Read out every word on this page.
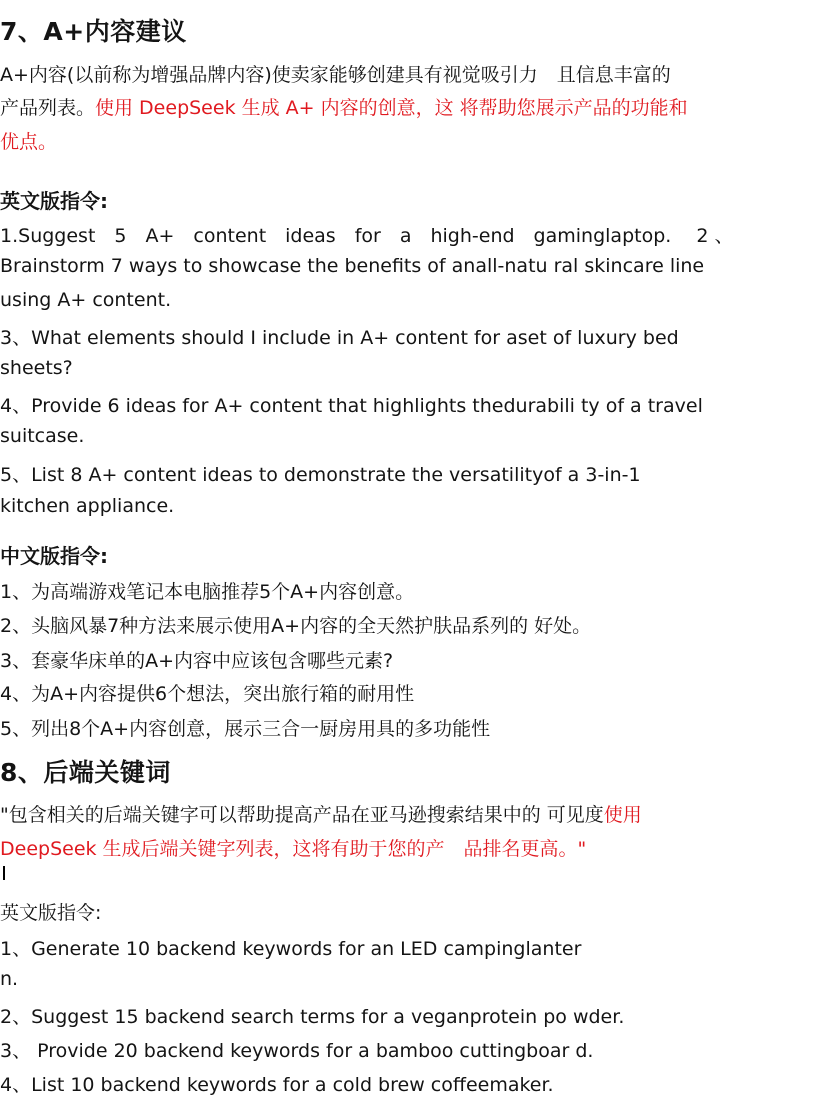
7、A+内容建议
A+内容(以前称为增强品牌内容)使卖家能够创建具有视觉吸引力　且信息丰富的
产品列表。使用 DeepSeek 生成 A+ 内容的创意，这 将帮助您展示产品的功能和
优点。
英文版指令:
1.Suggest　5　A+　content　ideas　for　a　high-end　gaminglaptop.　 2 、
Brainstorm 7 ways to showcase the benefits of anall-natu ral skincare line
using A+ content.
3、What elements should I include in A+ content for aset of luxury bed
sheets?
4、Provide 6 ideas for A+ content that highlights thedurabili ty of a travel
suitcase.
5、List 8 A+ content ideas to demonstrate the versatilityof a 3-in-1
kitchen appliance.
中文版指令:
1、为高端游戏笔记本电脑推荐5个A+内容创意。
2、头脑风暴7种方法来展示使用A+内容的全天然护肤品系列的 好处。
3、套豪华床单的A+内容中应该包含哪些元素?
4、为A+内容提供6个想法，突出旅行箱的耐用性
5、列出8个A+内容创意，展示三合一厨房用具的多功能性
8、后端关键词
"包含相关的后端关键字可以帮助提高产品在亚马逊搜索结果中的 可见度使用
DeepSeek 生成后端关键字列表，这将有助于您的产　品排名更高。"
英文版指令:
1、Generate 10 backend keywords for an LED campinglanter
n.
2、Suggest 15 backend search terms for a veganprotein po wder.
3、 Provide 20 backend keywords for a bamboo cuttingboar d.
4、List 10 backend keywords for a cold brew coffeemaker.
